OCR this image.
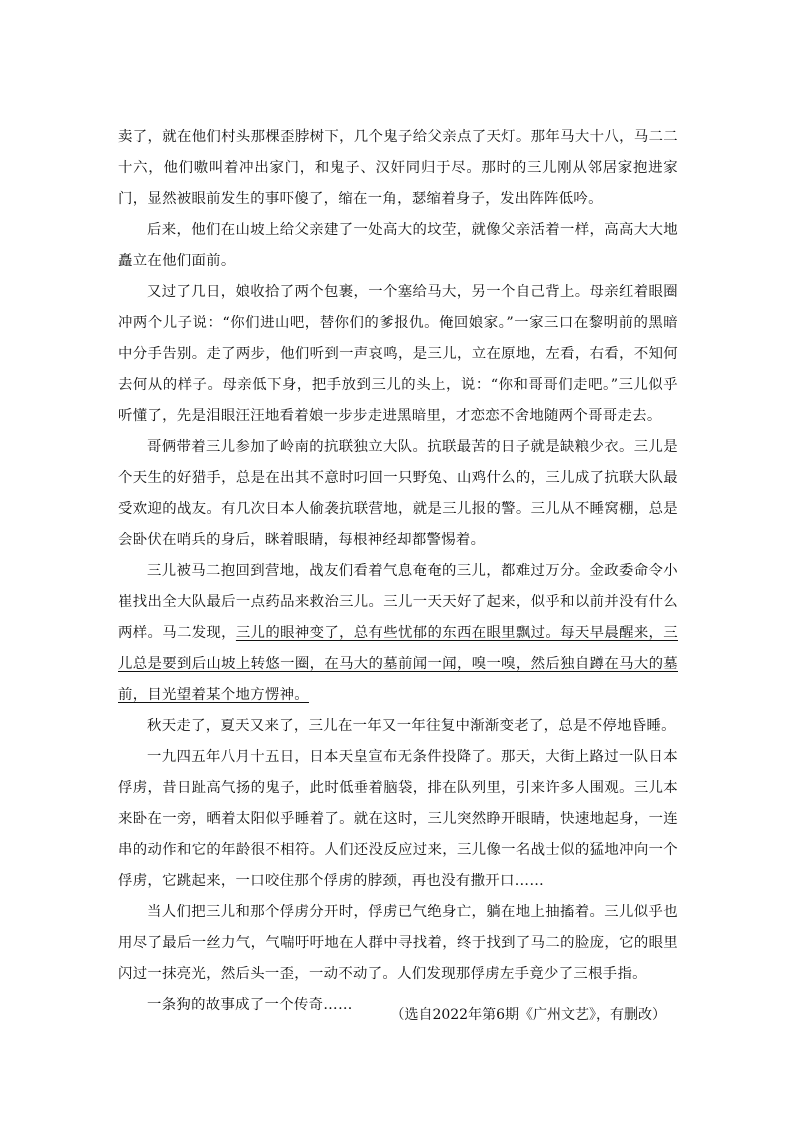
卖了，就在他们村头那棵歪脖树下，几个鬼子给父亲点了天灯。那年马大十八，马二二十六，他们嗷叫着冲出家门，和鬼子、汉奸同归于尽。那时的三儿刚从邻居家抱进家门，显然被眼前发生的事吓傻了，缩在一角，瑟缩着身子，发出阵阵低吟。

后来，他们在山坡上给父亲建了一处高大的坟茔，就像父亲活着一样，高高大大地矗立在他们面前。

又过了几日，娘收拾了两个包裹，一个塞给马大，另一个自己背上。母亲红着眼圈冲两个儿子说：“你们进山吧，替你们的爹报仇。俺回娘家。”一家三口在黎明前的黑暗中分手告别。走了两步，他们听到一声哀鸣，是三儿，立在原地，左看，右看，不知何去何从的样子。母亲低下身，把手放到三儿的头上，说：“你和哥哥们走吧。”三儿似乎听懂了，先是泪眼汪汪地看着娘一步步走进黑暗里，才恋恋不舍地随两个哥哥走去。

哥俩带着三儿参加了岭南的抗联独立大队。抗联最苦的日子就是缺粮少衣。三儿是个天生的好猎手，总是在出其不意时叼回一只野兔、山鸡什么的，三儿成了抗联大队最受欢迎的战友。有几次日本人偷袭抗联营地，就是三儿报的警。三儿从不睡窝棚，总是会卧伏在哨兵的身后，眯着眼睛，每根神经却都警惕着。

三儿被马二抱回到营地，战友们看着气息奄奄的三儿，都难过万分。金政委命令小崔找出全大队最后一点药品来救治三儿。三儿一天天好了起来，似乎和以前并没有什么两样。马二发现，三儿的眼神变了，总有些忧郁的东西在眼里飘过。每天早晨醒来，三儿总是要到后山坡上转悠一圈，在马大的墓前闻一闻，嗅一嗅，然后独自蹲在马大的墓前，目光望着某个地方愣神。

秋天走了，夏天又来了，三儿在一年又一年往复中渐渐变老了，总是不停地昏睡。

一九四五年八月十五日，日本天皇宣布无条件投降了。那天，大街上路过一队日本俘虏，昔日趾高气扬的鬼子，此时低垂着脑袋，排在队列里，引来许多人围观。三儿本来卧在一旁，晒着太阳似乎睡着了。就在这时，三儿突然睁开眼睛，快速地起身，一连串的动作和它的年龄很不相符。人们还没反应过来，三儿像一名战士似的猛地冲向一个俘虏，它跳起来，一口咬住那个俘虏的脖颈，再也没有撒开口……

当人们把三儿和那个俘虏分开时，俘虏已气绝身亡，躺在地上抽搐着。三儿似乎也用尽了最后一丝力气，气喘吁吁地在人群中寻找着，终于找到了马二的脸庞，它的眼里闪过一抹亮光，然后头一歪，一动不动了。人们发现那俘虏左手竟少了三根手指。

一条狗的故事成了一个传奇……

（选自2022年第6期《广州文艺》，有删改）
